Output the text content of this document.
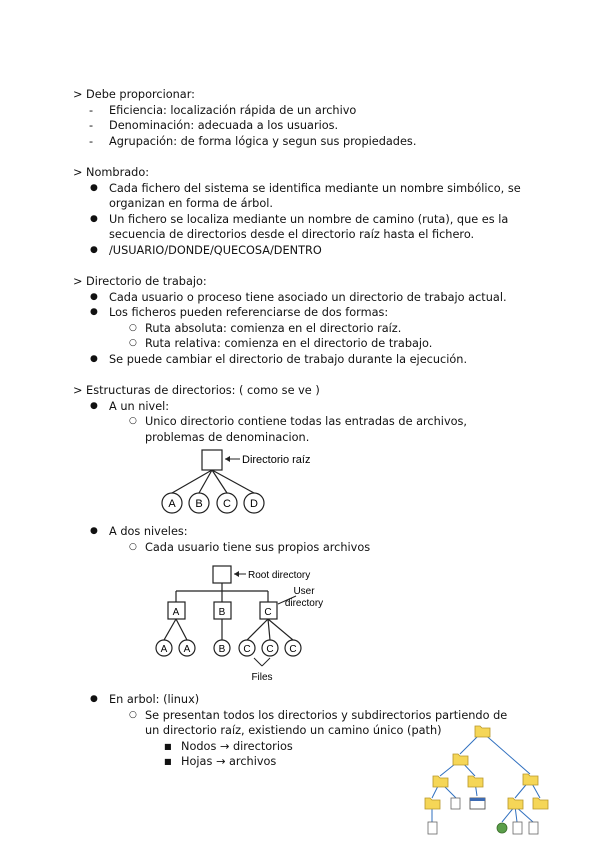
> Debe proporcionar:
-	Eficiencia: localización rápida de un archivo
-	Denominación: adecuada a los usuarios.
-	Agrupación: de forma lógica y segun sus propiedades.
> Nombrado:
● Cada fichero del sistema se identifica mediante un nombre simbólico, se organizan en forma de árbol.
● Un fichero se localiza mediante un nombre de camino (ruta), que es la secuencia de directorios desde el directorio raíz hasta el fichero.
● /USUARIO/DONDE/QUECOSA/DENTRO
> Directorio de trabajo:
● Cada usuario o proceso tiene asociado un directorio de trabajo actual.
● Los ficheros pueden referenciarse de dos formas:
○ Ruta absoluta: comienza en el directorio raíz.
○ Ruta relativa: comienza en el directorio de trabajo.
● Se puede cambiar el directorio de trabajo durante la ejecución.
> Estructuras de directorios: ( como se ve )
● A un nivel:
○ Unico directorio contiene todas las entradas de archivos, problemas de denominacion.
Directorio raíz
A B C D
● A dos niveles:
○ Cada usuario tiene sus propios archivos
Root directory
A	B	C
User
directory
A A	B C C C
Files
● En arbol: (linux)
○ Se presentan todos los directorios y subdirectorios partiendo de un directorio raíz, existiendo un camino único (path)
■ Nodos → directorios
■ Hojas → archivos
